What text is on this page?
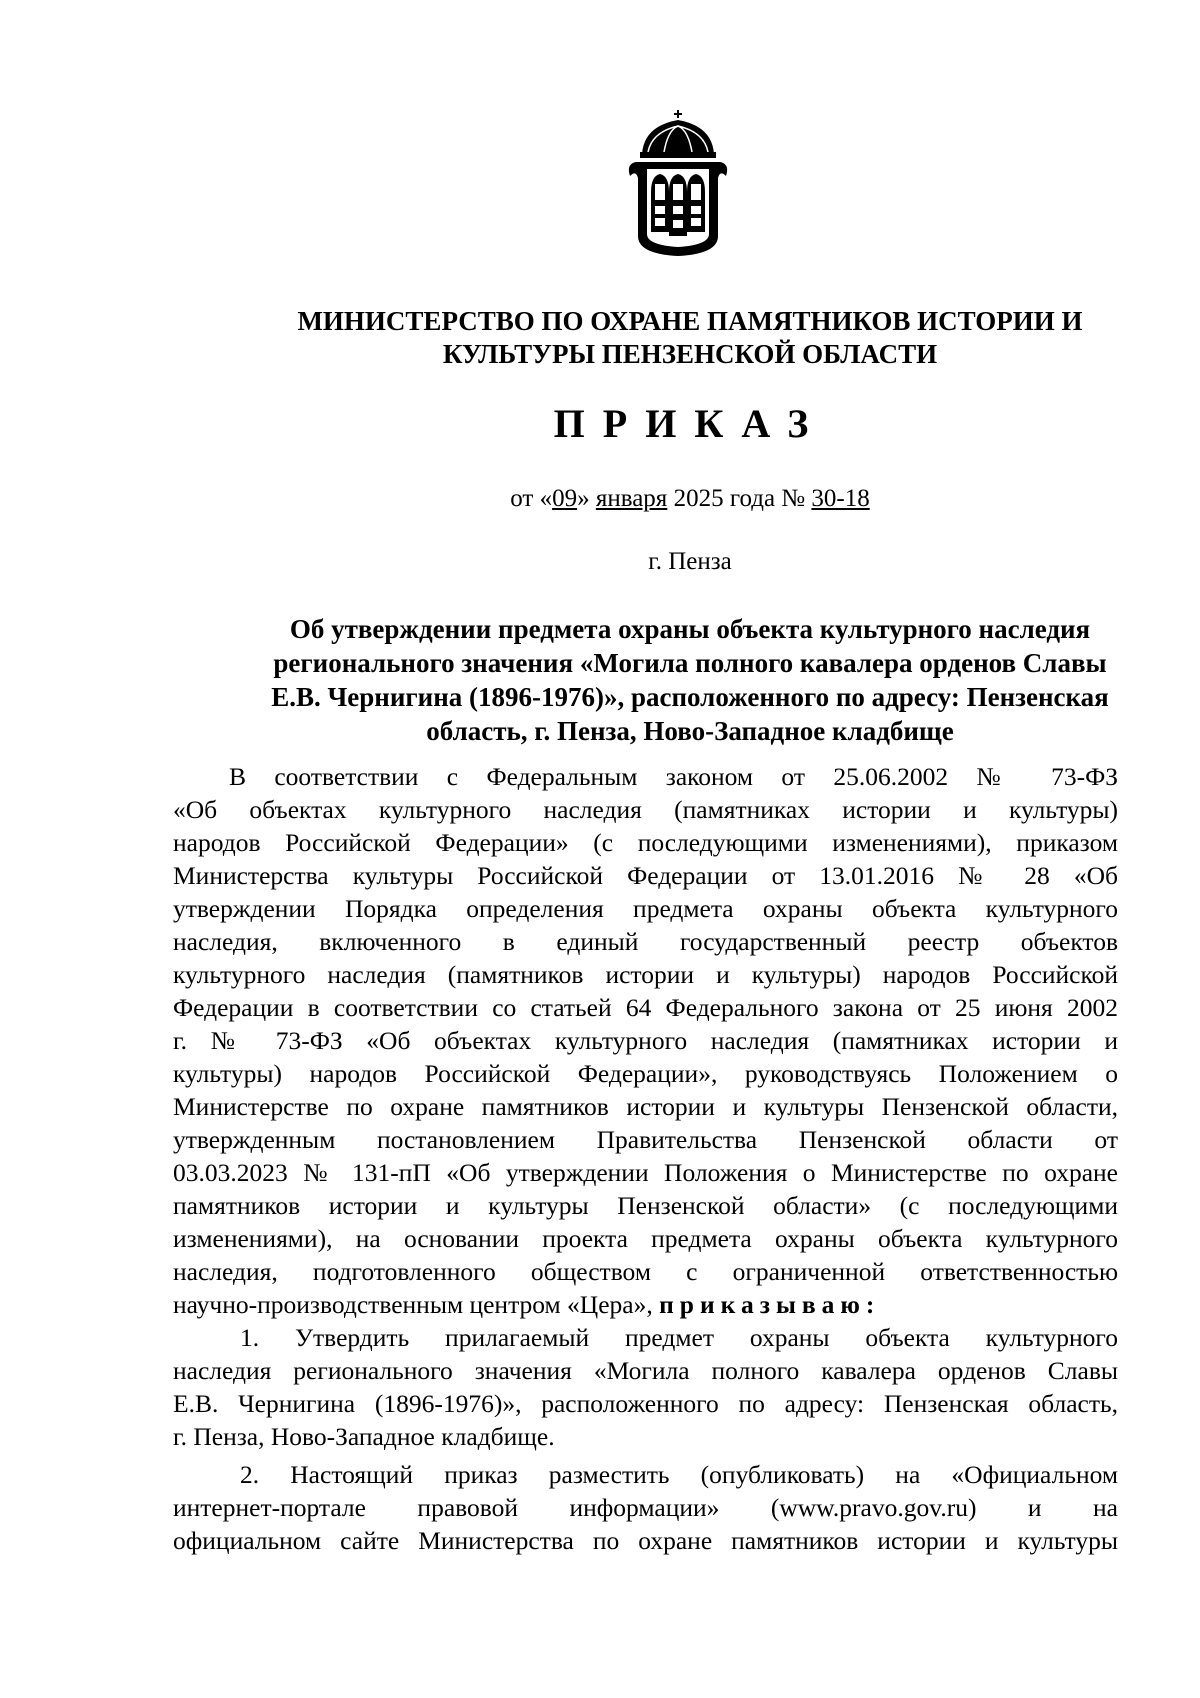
МИНИСТЕРСТВО ПО ОХРАНЕ ПАМЯТНИКОВ ИСТОРИИ И
КУЛЬТУРЫ ПЕНЗЕНСКОЙ ОБЛАСТИ
ПРИКАЗ
от «09» января 2025 года № 30-18
г. Пенза
Об утверждении предмета охраны объекта культурного наследия
регионального значения «Могила полного кавалера орденов Славы
Е.В. Чернигина (1896-1976)», расположенного по адресу: Пензенская
область, г. Пенза, Ново-Западное кладбище
В соответствии с Федеральным законом от 25.06.2002 № 73-ФЗ
«Об объектах культурного наследия (памятниках истории и культуры)
народов Российской Федерации» (с последующими изменениями), приказом
Министерства культуры Российской Федерации от 13.01.2016 № 28 «Об
утверждении Порядка определения предмета охраны объекта культурного
наследия, включенного в единый государственный реестр объектов
культурного наследия (памятников истории и культуры) народов Российской
Федерации в соответствии со статьей 64 Федерального закона от 25 июня 2002
г. № 73-ФЗ «Об объектах культурного наследия (памятниках истории и
культуры) народов Российской Федерации», руководствуясь Положением о
Министерстве по охране памятников истории и культуры Пензенской области,
утвержденным постановлением Правительства Пензенской области от
03.03.2023 № 131-пП «Об утверждении Положения о Министерстве по охране
памятников истории и культуры Пензенской области» (с последующими
изменениями), на основании проекта предмета охраны объекта культурного
наследия, подготовленного обществом с ограниченной ответственностью
научно-производственным центром «Цера», приказываю:
1. Утвердить прилагаемый предмет охраны объекта культурного
наследия регионального значения «Могила полного кавалера орденов Славы
Е.В. Чернигина (1896-1976)», расположенного по адресу: Пензенская область,
г. Пенза, Ново-Западное кладбище.
2. Настоящий приказ разместить (опубликовать) на «Официальном
интернет-портале правовой информации» (www.pravo.gov.ru) и на
официальном сайте Министерства по охране памятников истории и культуры
